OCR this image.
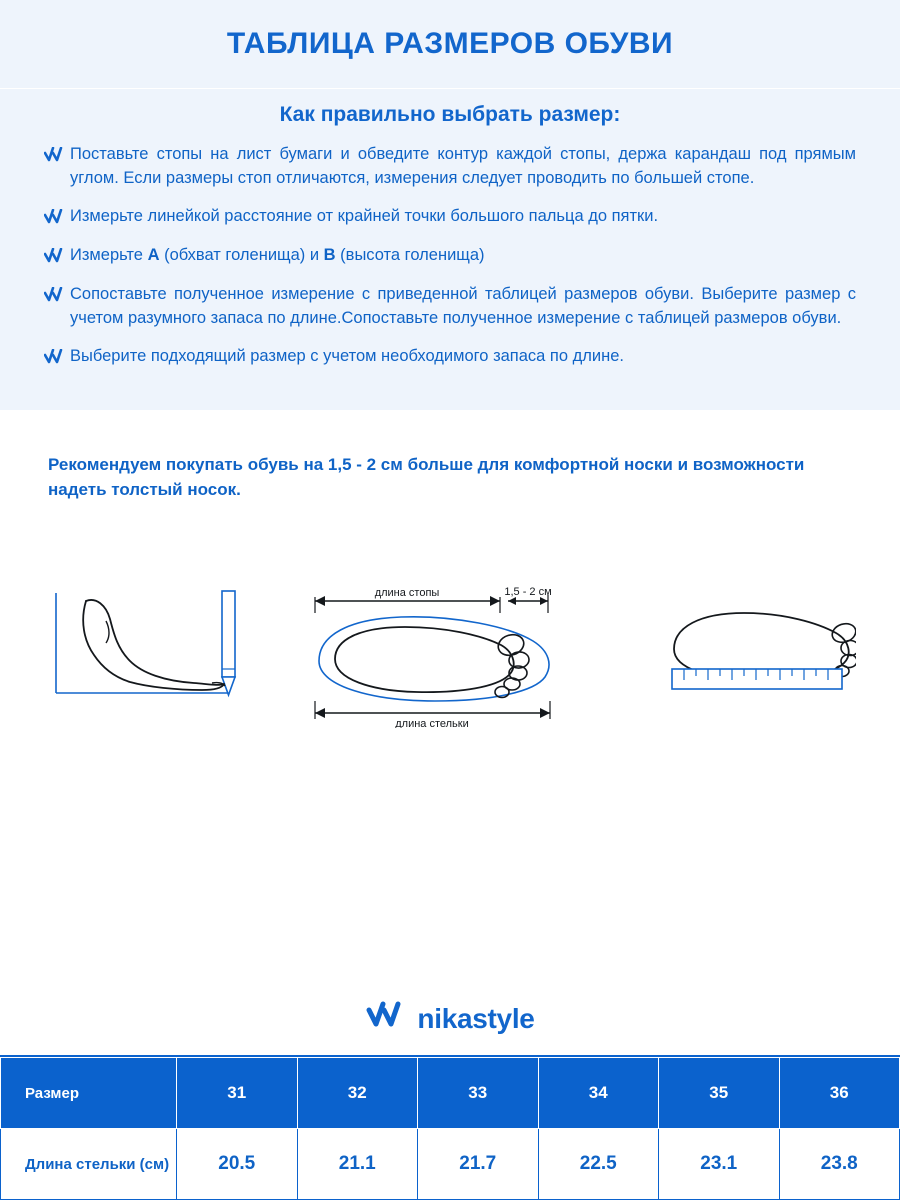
ТАБЛИЦА РАЗМЕРОВ ОБУВИ
Как правильно выбрать размер:
Поставьте стопы на лист бумаги и обведите контур каждой стопы, держа карандаш под прямым углом. Если размеры стоп отличаются, измерения следует проводить по большей стопе.
Измерьте линейкой расстояние от крайней точки большого пальца до пятки.
Измерьте A (обхват голенища) и B (высота голенища)
Сопоставьте полученное измерение с приведенной таблицей размеров обуви. Выберите размер с учетом разумного запаса по длине.Сопоставьте полученное измерение с таблицей размеров обуви.
Выберите подходящий размер с учетом необходимого запаса по длине.
Рекомендуем покупать обувь на 1,5 - 2 см больше для комфортной носки и возможности надеть толстый носок.
длина стопы	1,5 - 2 см
длина стельки
nikastyle
Размер	31	32	33	34	35	36
Длина стельки (см)	20.5	21.1	21.7	22.5	23.1	23.8
